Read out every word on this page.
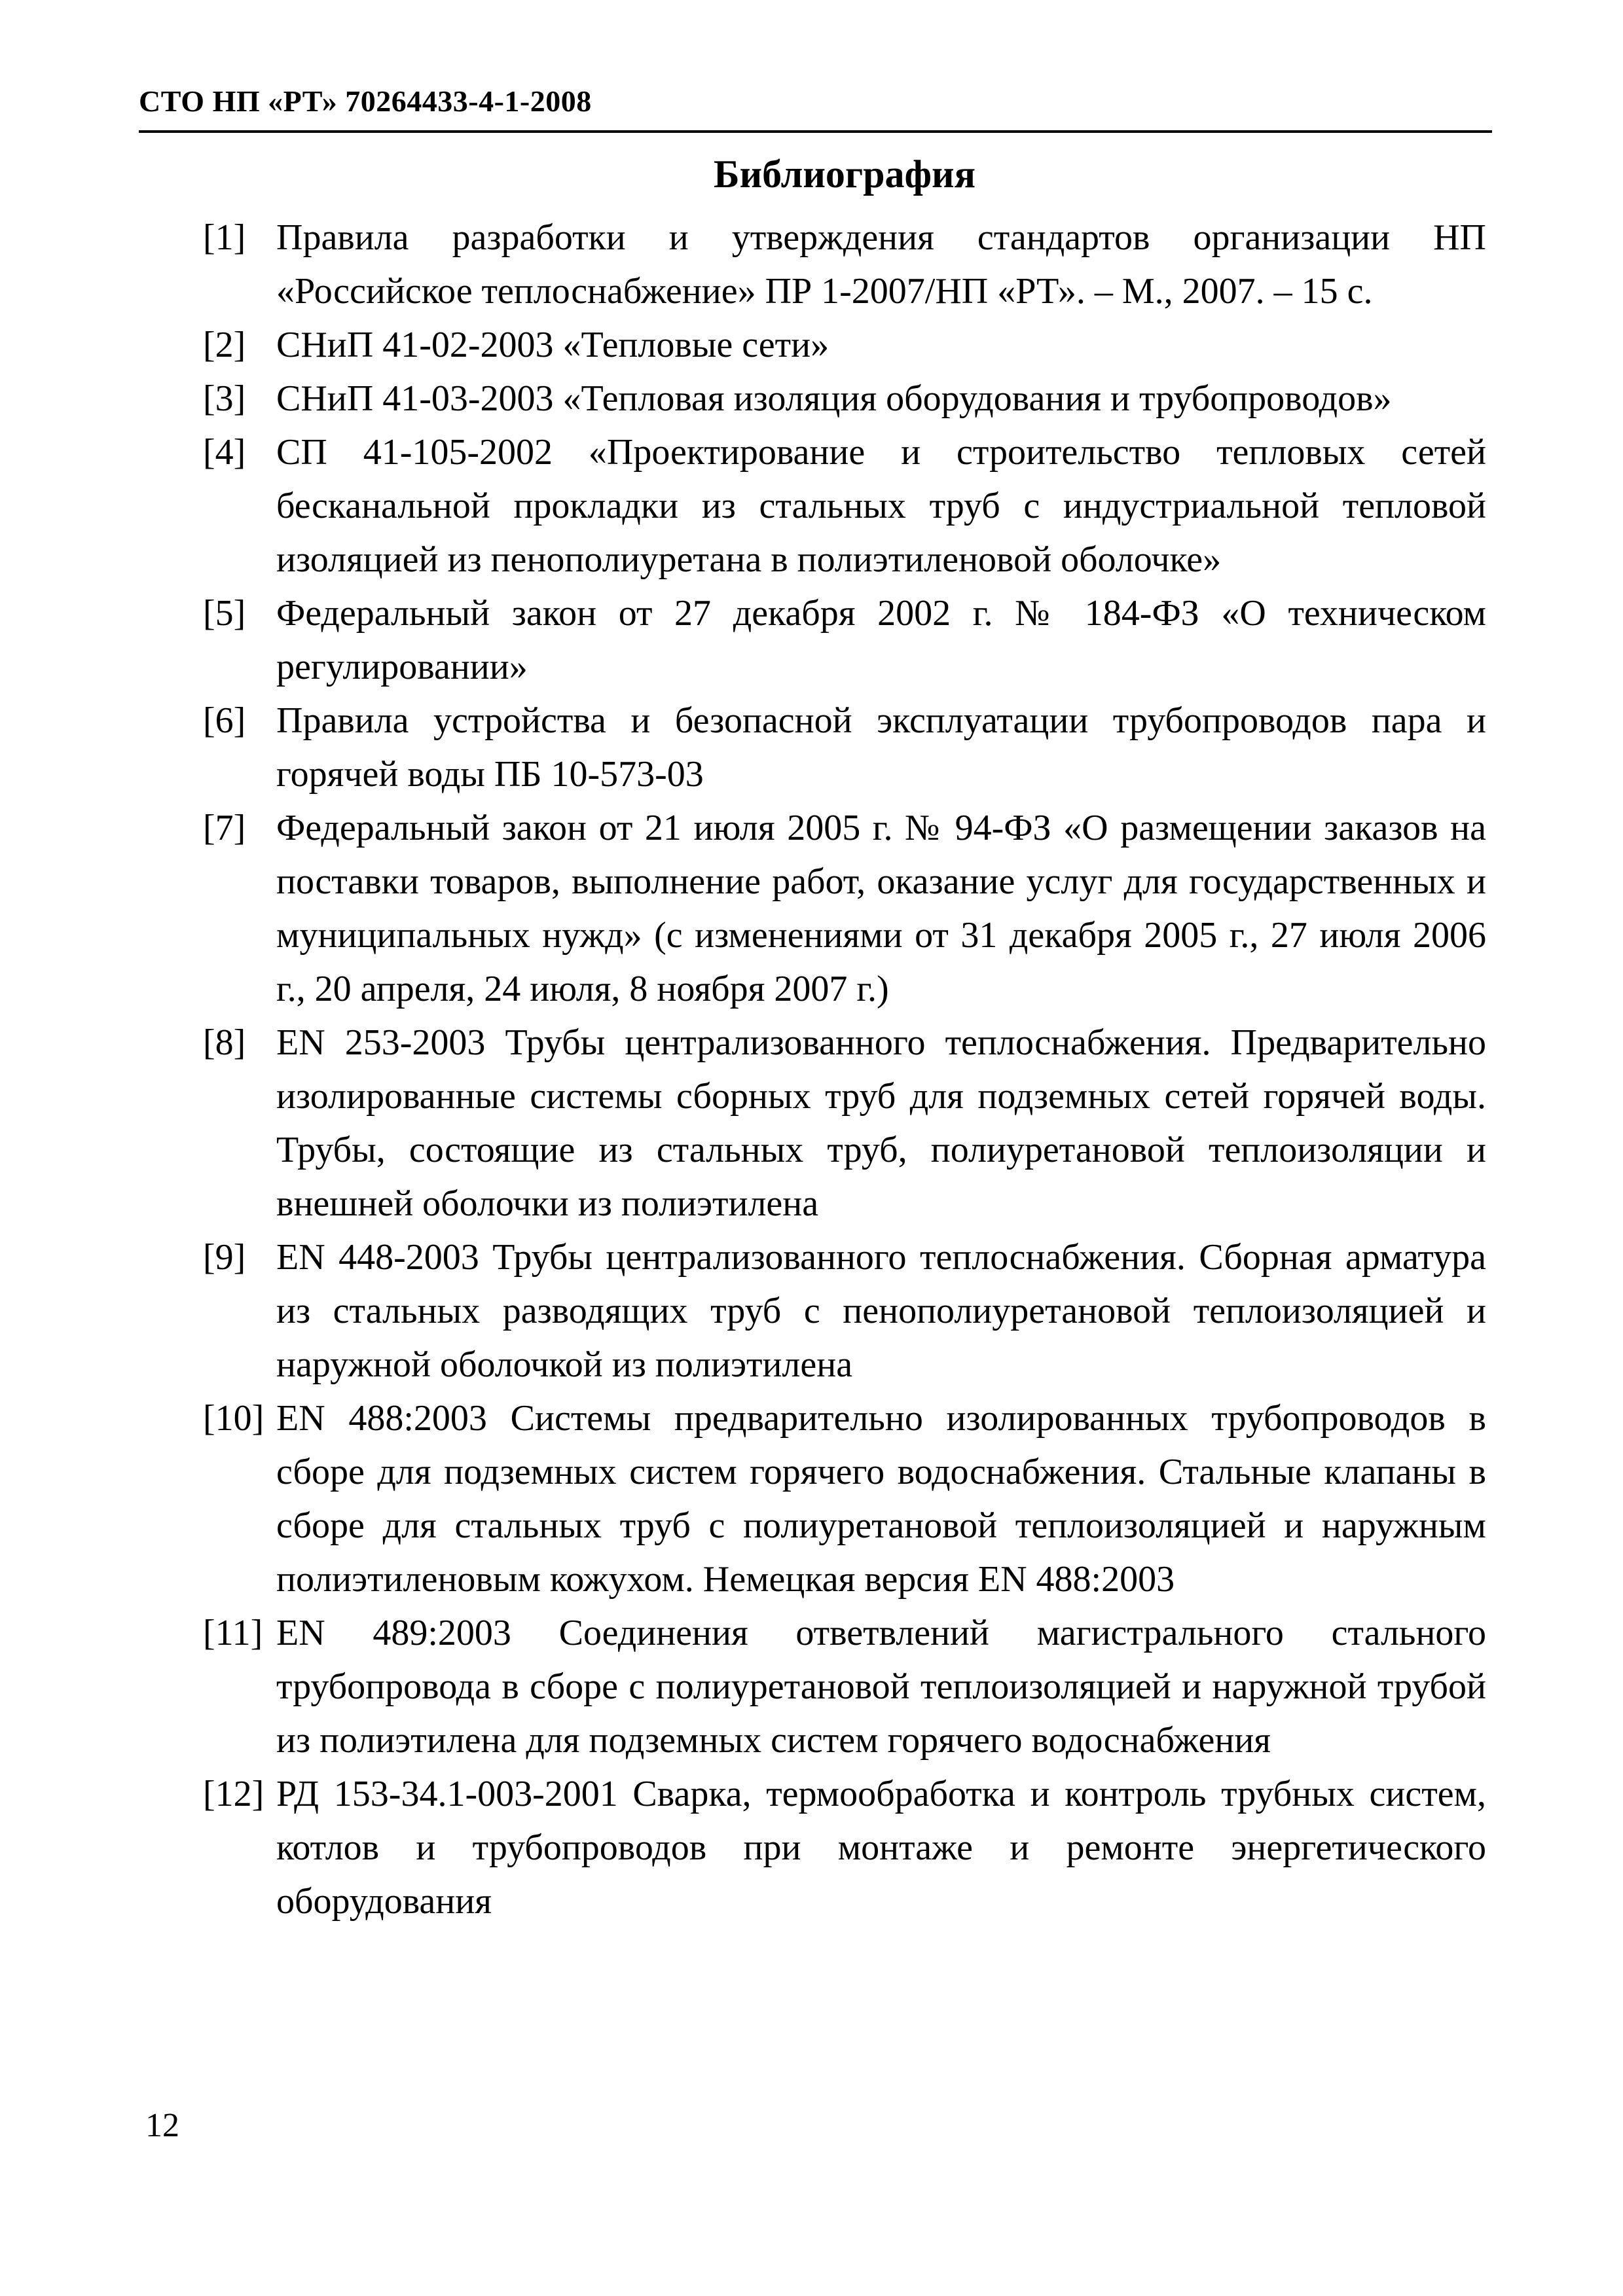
СТО НП «РТ» 70264433-4-1-2008
Библиография
[1] Правила разработки и утверждения стандартов организации НП «Российское теплоснабжение» ПР 1-2007/НП «РТ». – М., 2007. – 15 с.
[2] СНиП 41-02-2003 «Тепловые сети»
[3] СНиП 41-03-2003 «Тепловая изоляция оборудования и трубопроводов»
[4] СП 41-105-2002 «Проектирование и строительство тепловых сетей бесканальной прокладки из стальных труб с индустриальной тепловой изоляцией из пенополиуретана в полиэтиленовой оболочке»
[5] Федеральный закон от 27 декабря 2002 г. № 184-ФЗ «О техническом регулировании»
[6] Правила устройства и безопасной эксплуатации трубопроводов пара и горячей воды ПБ 10-573-03
[7] Федеральный закон от 21 июля 2005 г. № 94-ФЗ «О размещении заказов на поставки товаров, выполнение работ, оказание услуг для государственных и муниципальных нужд» (с изменениями от 31 декабря 2005 г., 27 июля 2006 г., 20 апреля, 24 июля, 8 ноября 2007 г.)
[8] EN 253-2003 Трубы централизованного теплоснабжения. Предварительно изолированные системы сборных труб для подземных сетей горячей воды. Трубы, состоящие из стальных труб, полиуретановой теплоизоляции и внешней оболочки из полиэтилена
[9] EN 448-2003 Трубы централизованного теплоснабжения. Сборная арматура из стальных разводящих труб с пенополиуретановой теплоизоляцией и наружной оболочкой из полиэтилена
[10] EN 488:2003 Системы предварительно изолированных трубопроводов в сборе для подземных систем горячего водоснабжения. Стальные клапаны в сборе для стальных труб с полиуретановой теплоизоляцией и наружным полиэтиленовым кожухом. Немецкая версия EN 488:2003
[11] EN 489:2003 Соединения ответвлений магистрального стального трубопровода в сборе с полиуретановой теплоизоляцией и наружной трубой из полиэтилена для подземных систем горячего водоснабжения
[12] РД 153-34.1-003-2001 Сварка, термообработка и контроль трубных систем, котлов и трубопроводов при монтаже и ремонте энергетического оборудования
12
